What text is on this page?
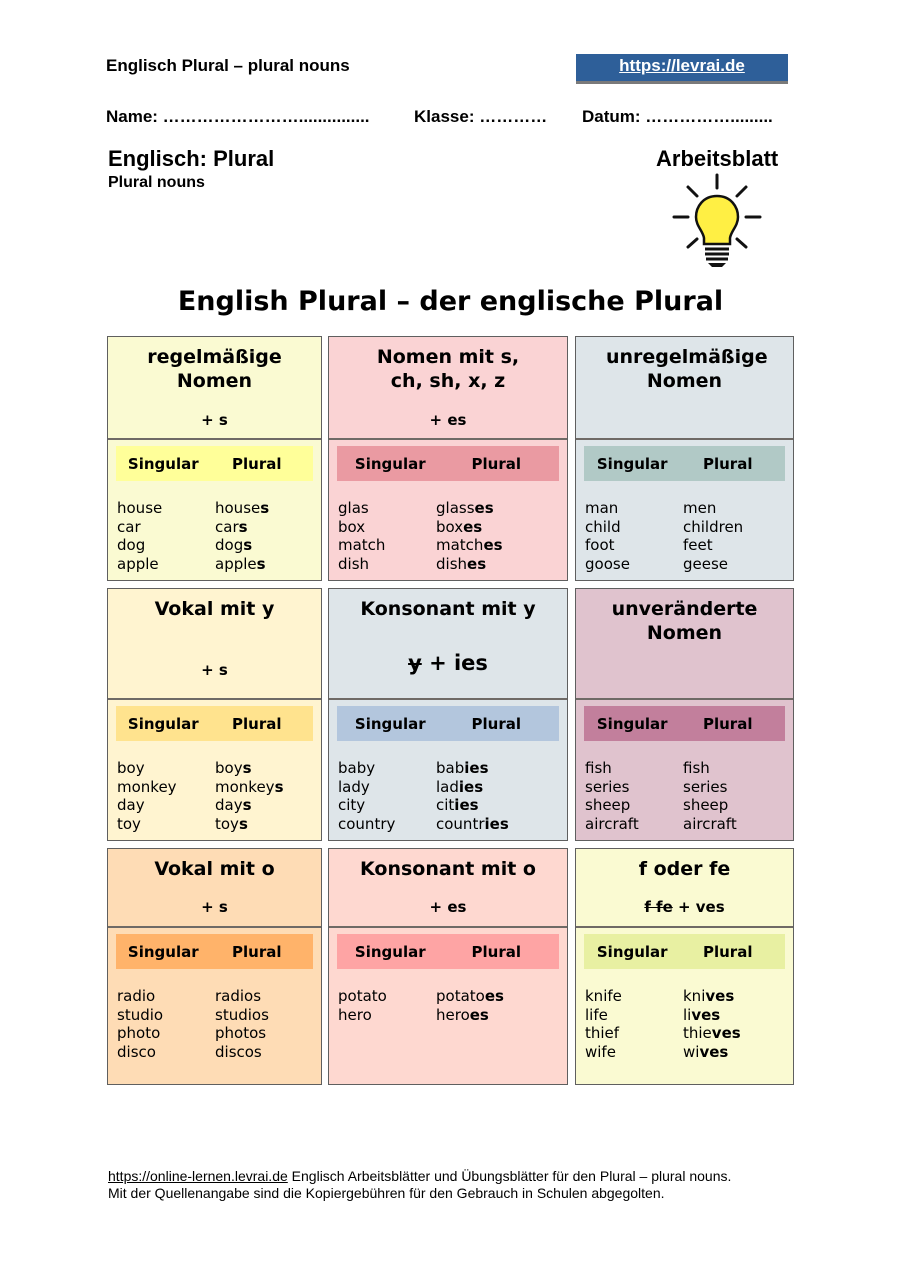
Englisch Plural – plural nouns	https://levrai.de
Name: ……………………...............	Klasse: ………… Datum: …………….........
Englisch: Plural
Plural nouns
Arbeitsblatt
English Plural – der englische Plural
regelmäßige Nomen
+ s
Singular	Plural
house	houses
car	cars
dog	dogs
apple	apples
Nomen mit s, ch, sh, x, z
+ es
Singular	Plural
glas	glasses
box	boxes
match	matches
dish	dishes
unregelmäßige Nomen
Singular	Plural
man	men
child	children
foot	feet
goose	geese
Vokal mit y
+ s
Singular	Plural
boy	boys
monkey	monkeys
day	days
toy	toys
Konsonant mit y
y + ies
Singular	Plural
baby	babies
lady	ladies
city	cities
country	countries
unveränderte Nomen
Singular	Plural
fish	fish
series	series
sheep	sheep
aircraft	aircraft
Vokal mit o
+ s
Singular	Plural
radio	radios
studio	studios
photo	photos
disco	discos
Konsonant mit o
+ es
Singular	Plural
potato	potatoes
hero	heroes
f oder fe
f fe + ves
Singular	Plural
knife	knives
life	lives
thief	thieves
wife	wives
https://online-lernen.levrai.de Englisch Arbeitsblätter und Übungsblätter für den Plural – plural nouns.
Mit der Quellenangabe sind die Kopiergebühren für den Gebrauch in Schulen abgegolten.
